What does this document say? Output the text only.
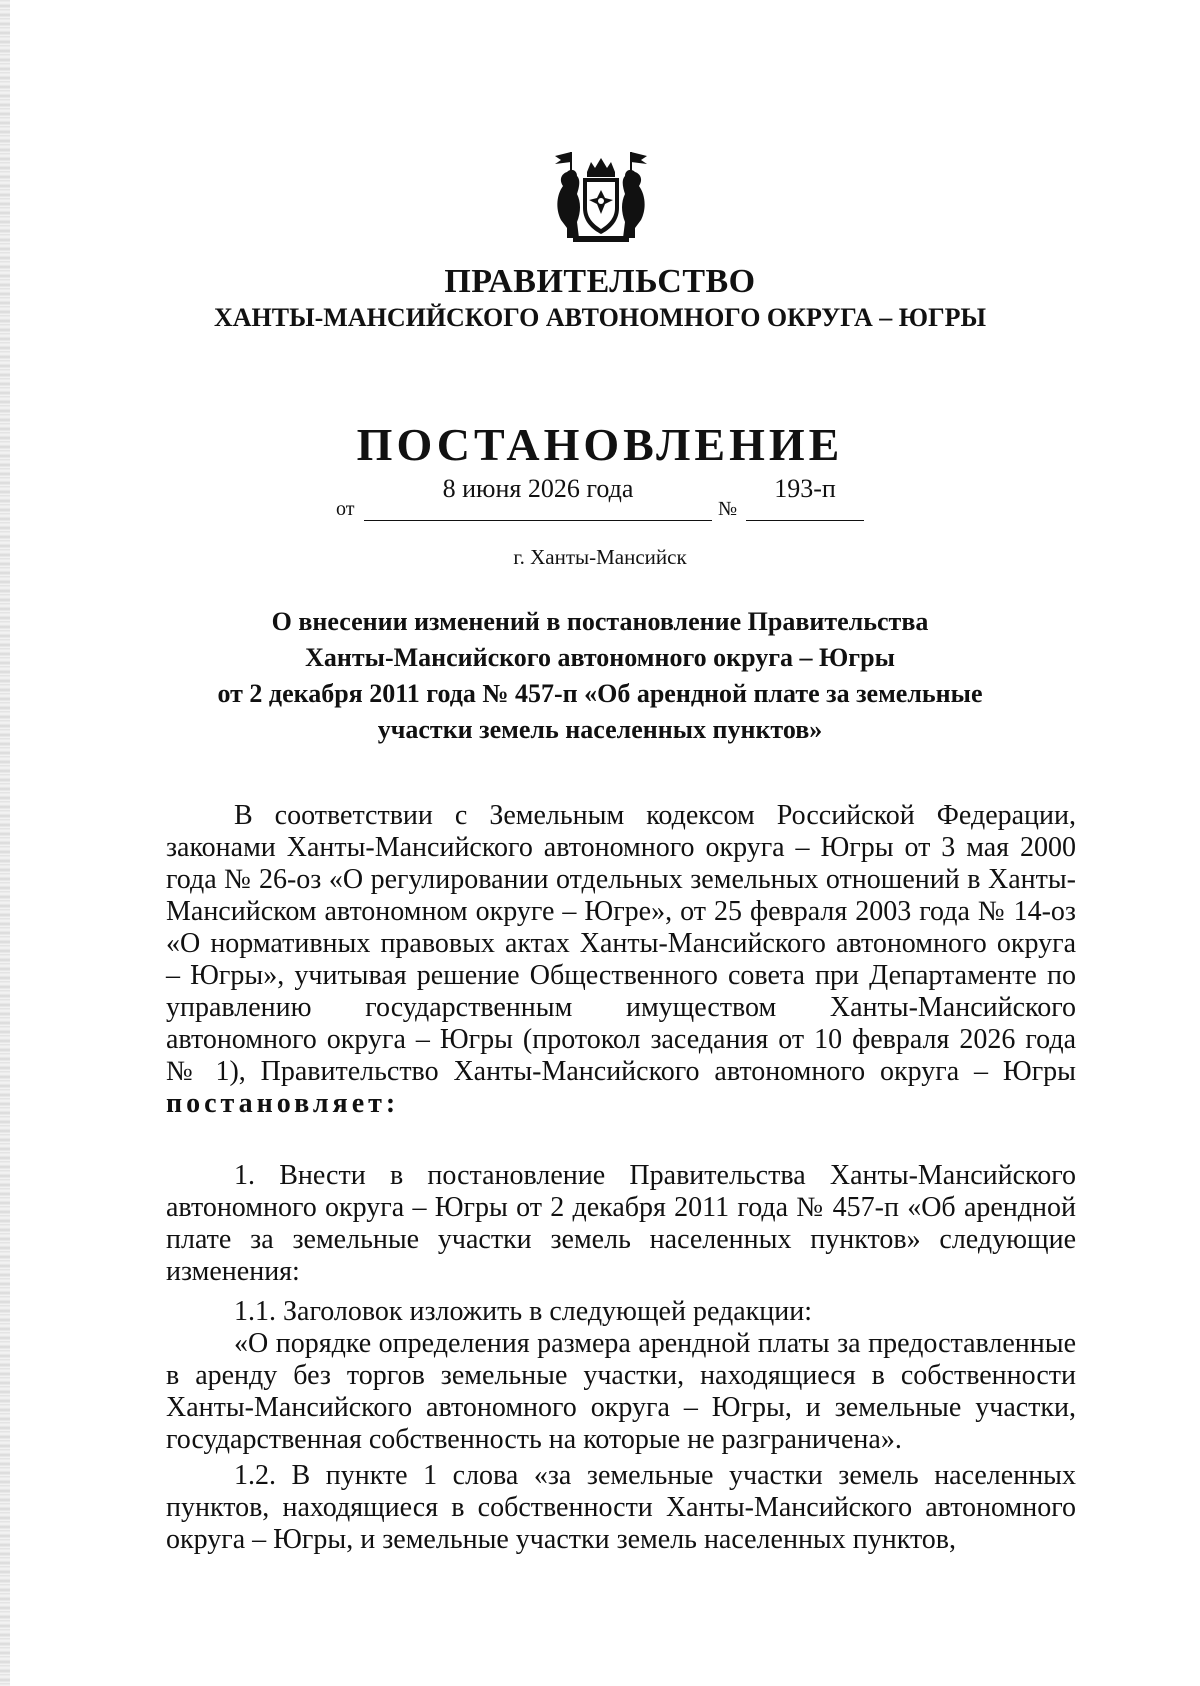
ПРАВИТЕЛЬСТВО
ХАНТЫ-МАНСИЙСКОГО АВТОНОМНОГО ОКРУГА – ЮГРЫ
ПОСТАНОВЛЕНИЕ
от
8 июня 2026 года
№
193-п
г. Ханты-Мансийск
О внесении изменений в постановление Правительства
Ханты-Мансийского автономного округа – Югры
от 2 декабря 2011 года № 457-п «Об арендной плате за земельные
участки земель населенных пунктов»

В соответствии с Земельным кодексом Российской Федерации, законами Ханты-Мансийского автономного округа – Югры от 3 мая 2000 года № 26-оз «О регулировании отдельных земельных отношений в Ханты-Мансийском автономном округе – Югре», от 25 февраля 2003 года № 14-оз «О нормативных правовых актах Ханты-Мансийского автономного округа – Югры», учитывая решение Общественного совета при Департаменте по управлению государственным имуществом Ханты-Мансийского автономного округа – Югры (протокол заседания от 10 февраля 2026 года № 1), Правительство Ханты-Мансийского автономного округа – Югры постановляет:

1. Внести в постановление Правительства Ханты-Мансийского автономного округа – Югры от 2 декабря 2011 года № 457-п «Об арендной плате за земельные участки земель населенных пунктов» следующие изменения:

1.1. Заголовок изложить в следующей редакции:

«О порядке определения размера арендной платы за предоставленные в аренду без торгов земельные участки, находящиеся в собственности Ханты-Мансийского автономного округа – Югры, и земельные участки, государственная собственность на которые не разграничена».

1.2. В пункте 1 слова «за земельные участки земель населенных пунктов, находящиеся в собственности Ханты-Мансийского автономного округа – Югры, и земельные участки земель населенных пунктов,
